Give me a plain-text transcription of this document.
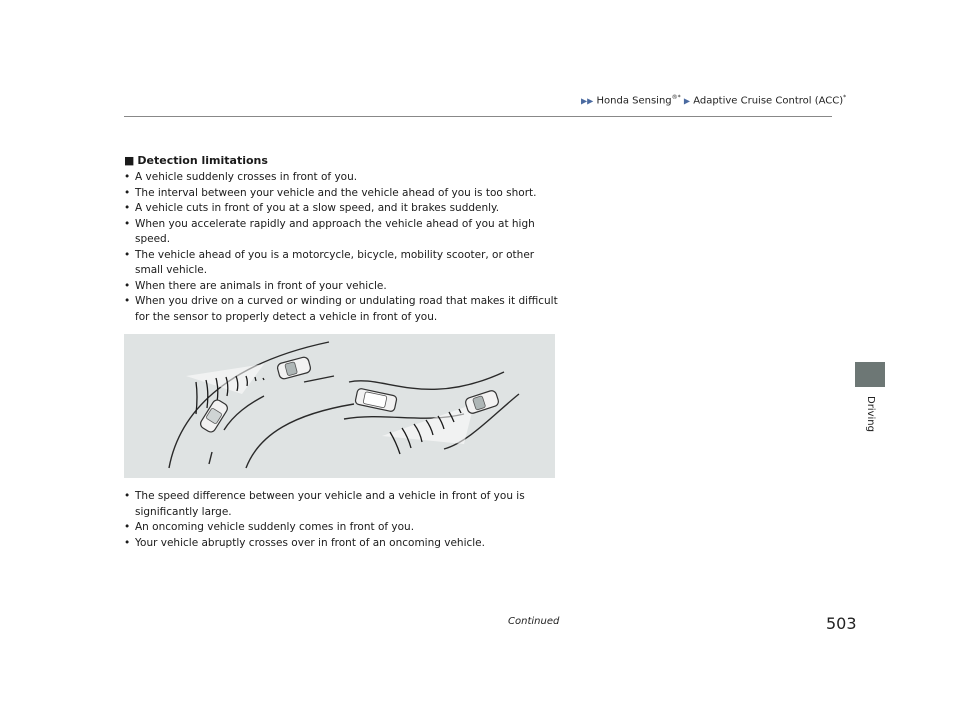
▶▶ Honda Sensing®* ▶ Adaptive Cruise Control (ACC)*
Driving
■ Detection limitations
• A vehicle suddenly crosses in front of you.
• The interval between your vehicle and the vehicle ahead of you is too short.
• A vehicle cuts in front of you at a slow speed, and it brakes suddenly.
• When you accelerate rapidly and approach the vehicle ahead of you at high speed.
• The vehicle ahead of you is a motorcycle, bicycle, mobility scooter, or other small vehicle.
• When there are animals in front of your vehicle.
• When you drive on a curved or winding or undulating road that makes it difficult for the sensor to properly detect a vehicle in front of you.
• The speed difference between your vehicle and a vehicle in front of you is significantly large.
• An oncoming vehicle suddenly comes in front of you.
• Your vehicle abruptly crosses over in front of an oncoming vehicle.
Continued	503
